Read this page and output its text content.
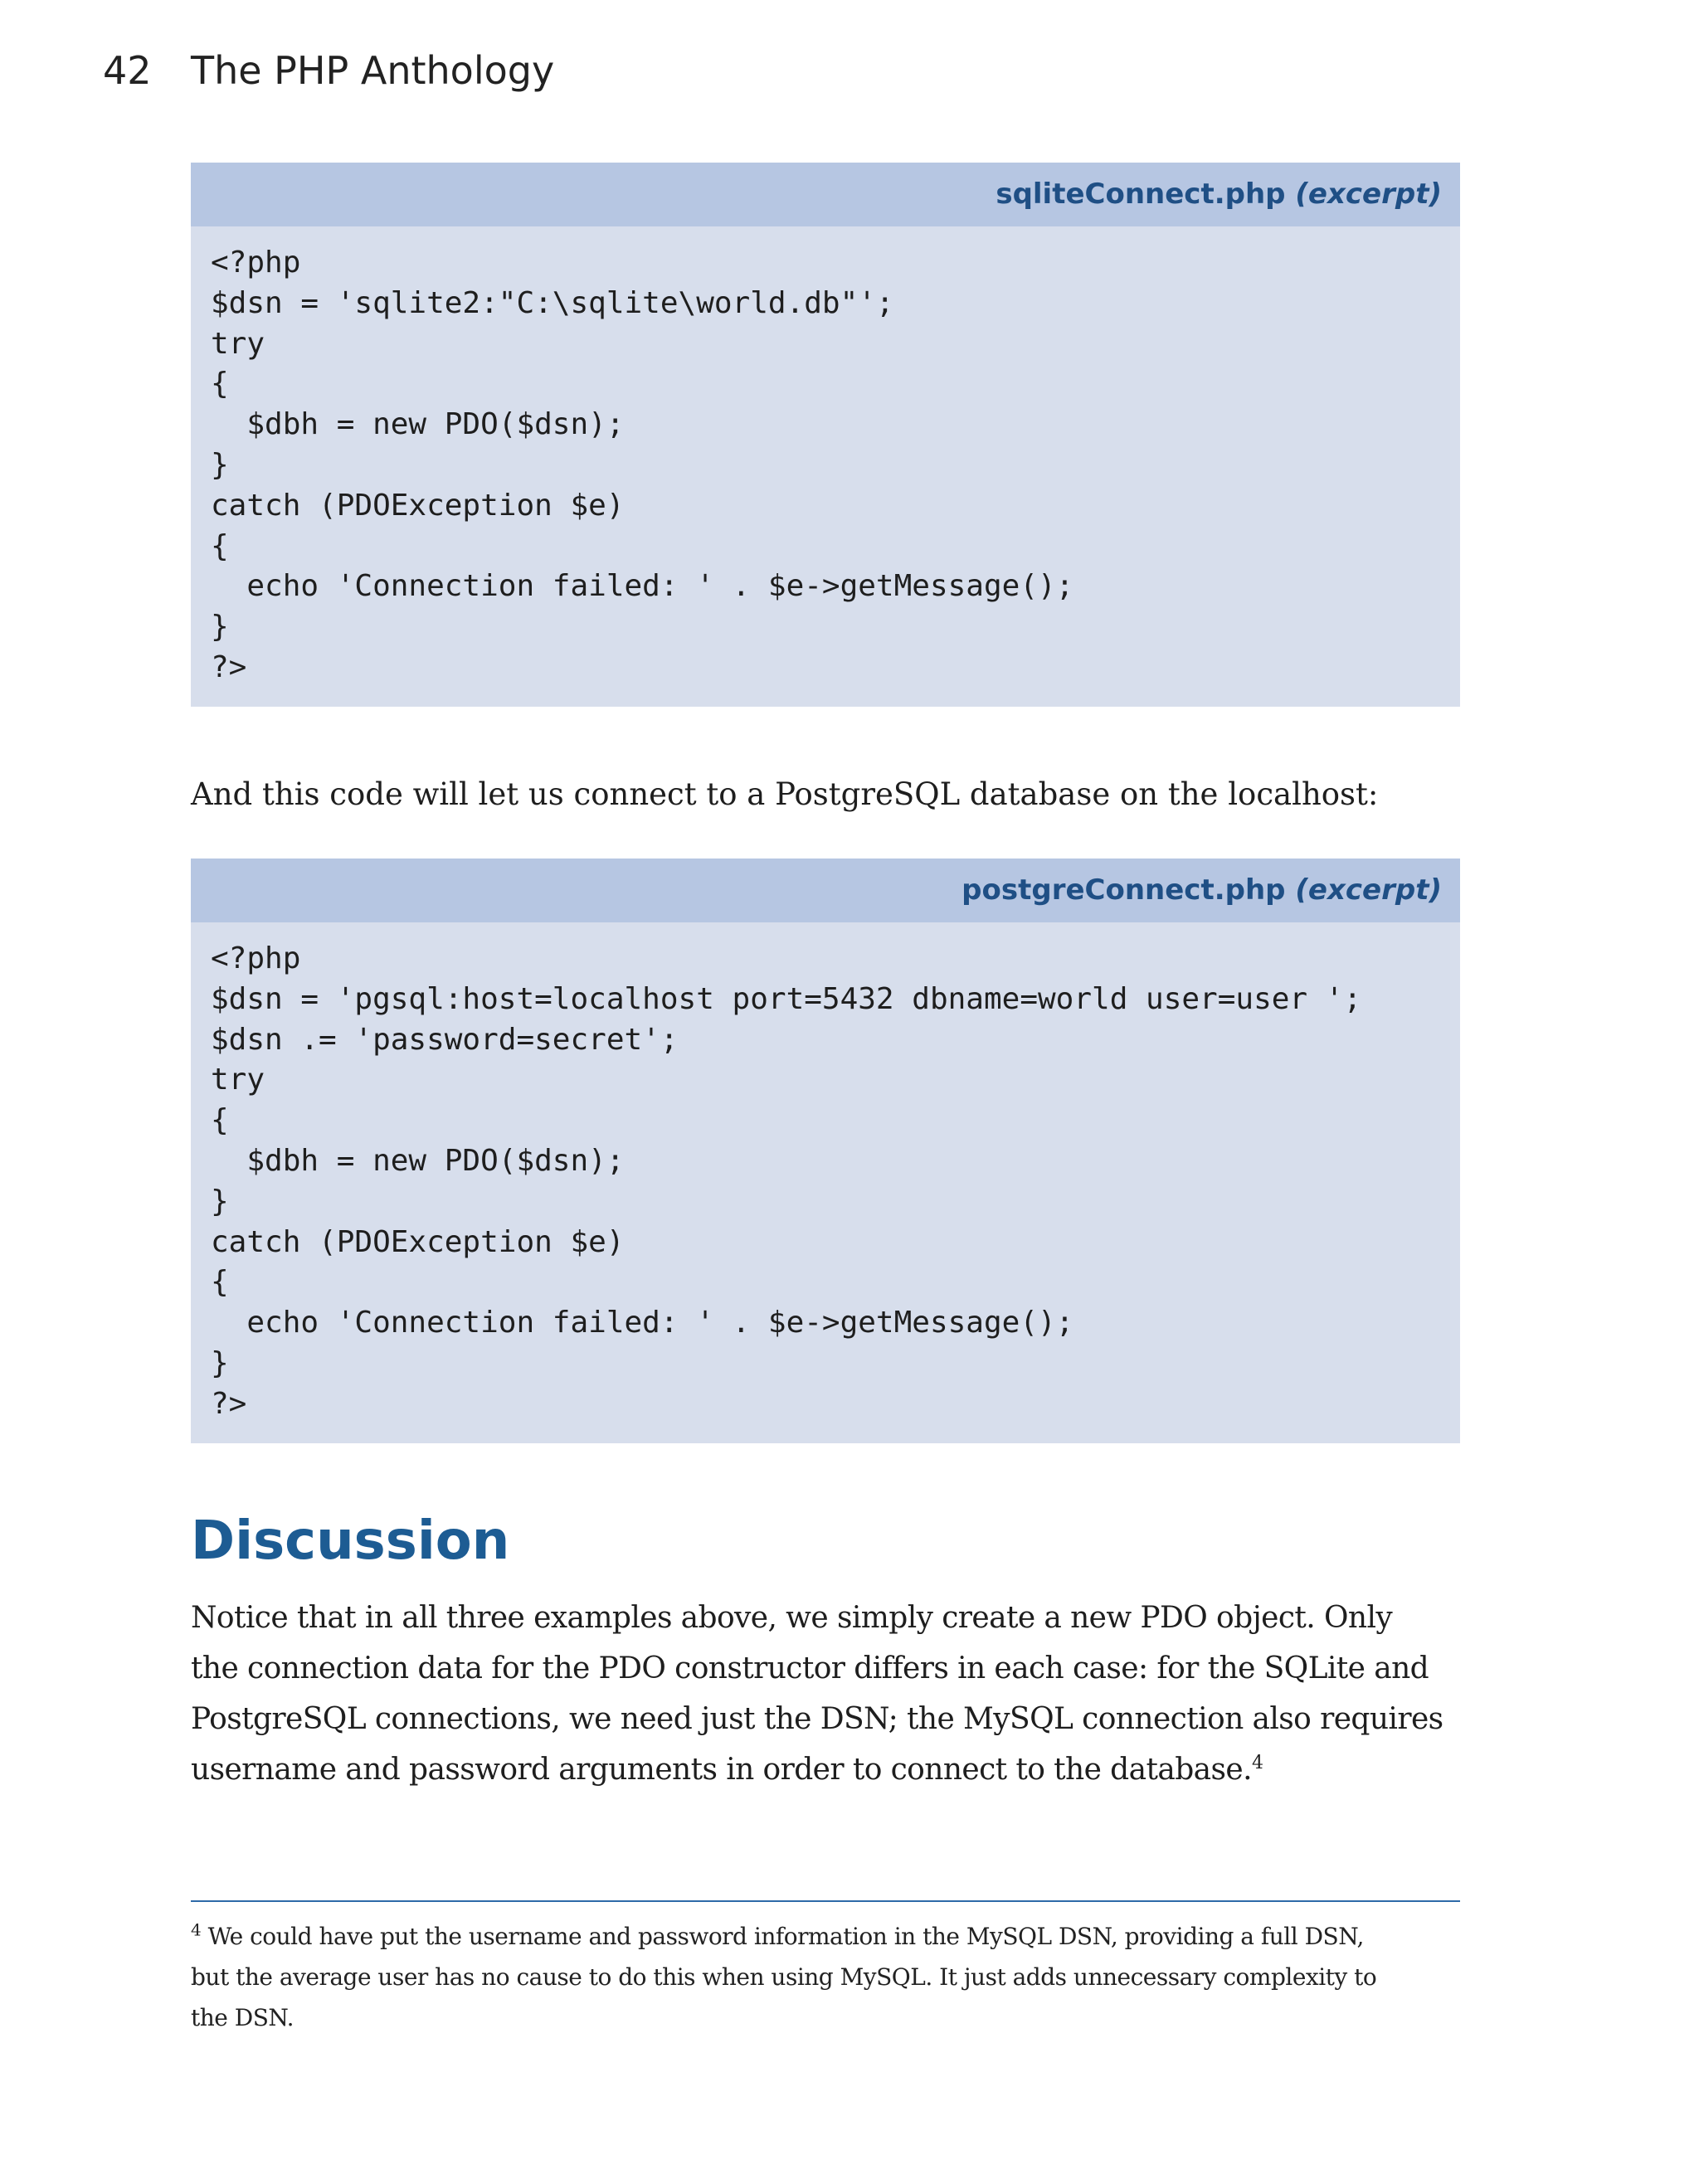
42 The PHP Anthology
sqliteConnect.php (excerpt)
<?php
$dsn = 'sqlite2:"C:\sqlite\world.db"';
try
{
$dbh = new PDO($dsn);
}
catch (PDOException $e)
{
echo 'Connection failed: ' . $e->getMessage();
}
?>
And this code will let us connect to a PostgreSQL database on the localhost:
postgreConnect.php (excerpt)
<?php
$dsn = 'pgsql:host=localhost port=5432 dbname=world user=user ';
$dsn .= 'password=secret';
try
{
$dbh = new PDO($dsn);
}
catch (PDOException $e)
{
echo 'Connection failed: ' . $e->getMessage();
}
?>
Discussion
Notice that in all three examples above, we simply create a new PDO object. Only
the connection data for the PDO constructor differs in each case: for the SQLite and
PostgreSQL connections, we need just the DSN; the MySQL connection also requires
username and password arguments in order to connect to the database.$^4$
$^4$ We could have put the username and password information in the MySQL DSN, providing a full DSN,
but the average user has no cause to do this when using MySQL. It just adds unnecessary complexity to
the DSN.
